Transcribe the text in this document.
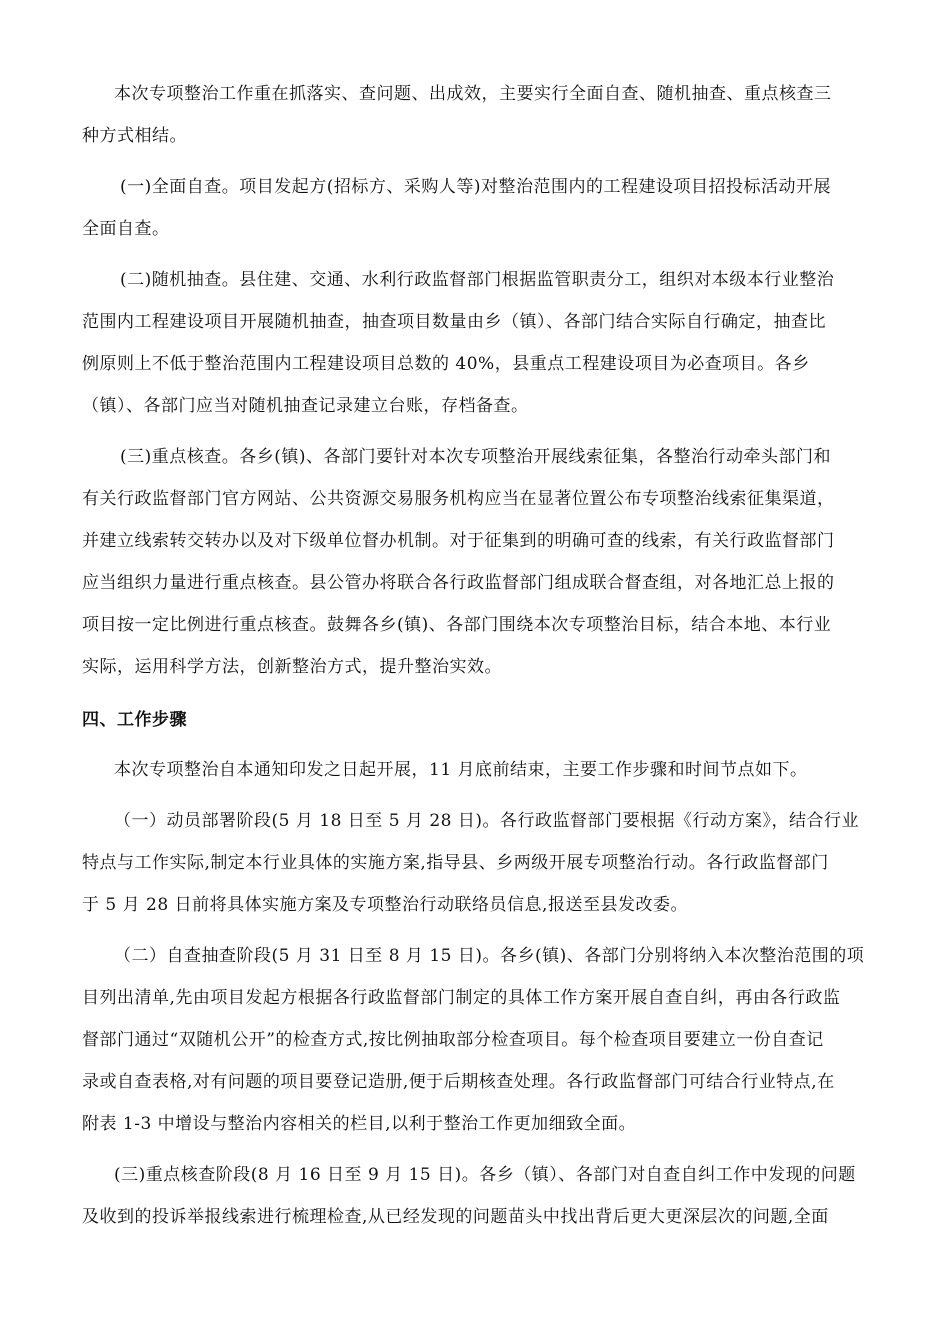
本次专项整治工作重在抓落实、查问题、出成效，主要实行全面自查、随机抽查、重点核查三
种方式相结。
(一)全面自查。项目发起方(招标方、采购人等)对整治范围内的工程建设项目招投标活动开展
全面自查。
(二)随机抽查。县住建、交通、水利行政监督部门根据监管职责分工，组织对本级本行业整治
范围内工程建设项目开展随机抽查，抽查项目数量由乡（镇）、各部门结合实际自行确定，抽查比
例原则上不低于整治范围内工程建设项目总数的 40%，县重点工程建设项目为必查项目。各乡
（镇）、各部门应当对随机抽查记录建立台账，存档备查。
(三)重点核查。各乡(镇)、各部门要针对本次专项整治开展线索征集，各整治行动牵头部门和
有关行政监督部门官方网站、公共资源交易服务机构应当在显著位置公布专项整治线索征集渠道，
并建立线索转交转办以及对下级单位督办机制。对于征集到的明确可查的线索，有关行政监督部门
应当组织力量进行重点核查。县公管办将联合各行政监督部门组成联合督查组，对各地汇总上报的
项目按一定比例进行重点核查。鼓舞各乡(镇)、各部门围绕本次专项整治目标，结合本地、本行业
实际，运用科学方法，创新整治方式，提升整治实效。
四、工作步骤
本次专项整治自本通知印发之日起开展，11 月底前结束，主要工作步骤和时间节点如下。
（一）动员部署阶段(5 月 18 日至 5 月 28 日)。各行政监督部门要根据《行动方案》，结合行业
特点与工作实际,制定本行业具体的实施方案,指导县、乡两级开展专项整治行动。各行政监督部门
于 5 月 28 日前将具体实施方案及专项整治行动联络员信息,报送至县发改委。
（二）自查抽查阶段(5 月 31 日至 8 月 15 日)。各乡(镇)、各部门分别将纳入本次整治范围的项
目列出清单,先由项目发起方根据各行政监督部门制定的具体工作方案开展自查自纠，再由各行政监
督部门通过“双随机公开”的检查方式,按比例抽取部分检查项目。每个检查项目要建立一份自查记
录或自查表格,对有问题的项目要登记造册,便于后期核查处理。各行政监督部门可结合行业特点,在
附表 1-3 中增设与整治内容相关的栏目,以利于整治工作更加细致全面。
(三)重点核查阶段(8 月 16 日至 9 月 15 日)。各乡（镇）、各部门对自查自纠工作中发现的问题
及收到的投诉举报线索进行梳理检查,从已经发现的问题苗头中找出背后更大更深层次的问题,全面
